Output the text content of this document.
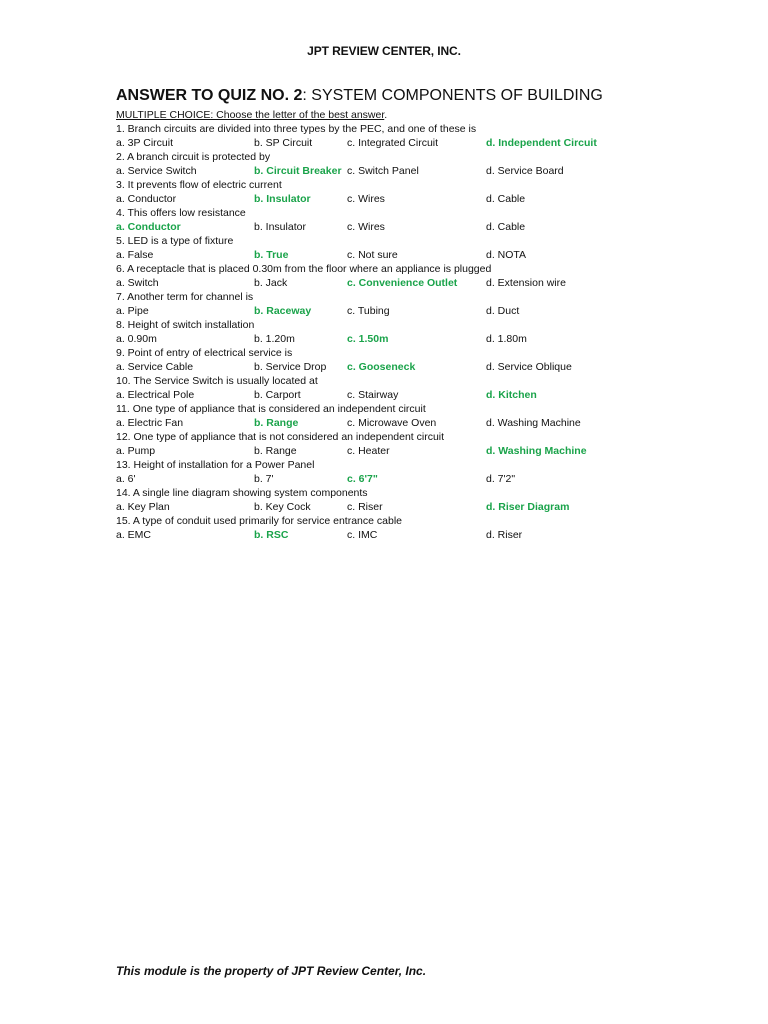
JPT REVIEW CENTER, INC.
ANSWER TO QUIZ NO. 2: SYSTEM COMPONENTS OF BUILDING
MULTIPLE CHOICE: Choose the letter of the best answer.
1. Branch circuits are divided into three types by the PEC, and one of these is
a. 3P Circuit	b. SP Circuit	c. Integrated Circuit	d. Independent Circuit
2. A branch circuit is protected by
a. Service Switch	b. Circuit Breaker c. Switch Panel	d. Service Board
3. It prevents flow of electric current
a. Conductor	b. Insulator	c. Wires	d. Cable
4. This offers low resistance
a. Conductor	b. Insulator	c. Wires	d. Cable
5. LED is a type of fixture
a. False	b. True	c. Not sure	d. NOTA
6. A receptacle that is placed 0.30m from the floor where an appliance is plugged
a. Switch	b. Jack	c. Convenience Outlet	d. Extension wire
7. Another term for channel is
a. Pipe	b. Raceway	c. Tubing	d. Duct
8. Height of switch installation
a. 0.90m	b. 1.20m	c. 1.50m	d. 1.80m
9. Point of entry of electrical service is
a. Service Cable	b. Service Drop c. Gooseneck	d. Service Oblique
10. The Service Switch is usually located at
a. Electrical Pole	b. Carport	c. Stairway	d. Kitchen
11. One type of appliance that is considered an independent circuit
a. Electric Fan	b. Range	c. Microwave Oven	d. Washing Machine
12. One type of appliance that is not considered an independent circuit
a. Pump	b. Range	c. Heater	d. Washing Machine
13. Height of installation for a Power Panel
a. 6'	b. 7'	c. 6'7"	d. 7'2"
14. A single line diagram showing system components
a. Key Plan	b. Key Cock	c. Riser	d. Riser Diagram
15. A type of conduit used primarily for service entrance cable
a. EMC	b. RSC	c. IMC	d. Riser
This module is the property of JPT Review Center, Inc.
